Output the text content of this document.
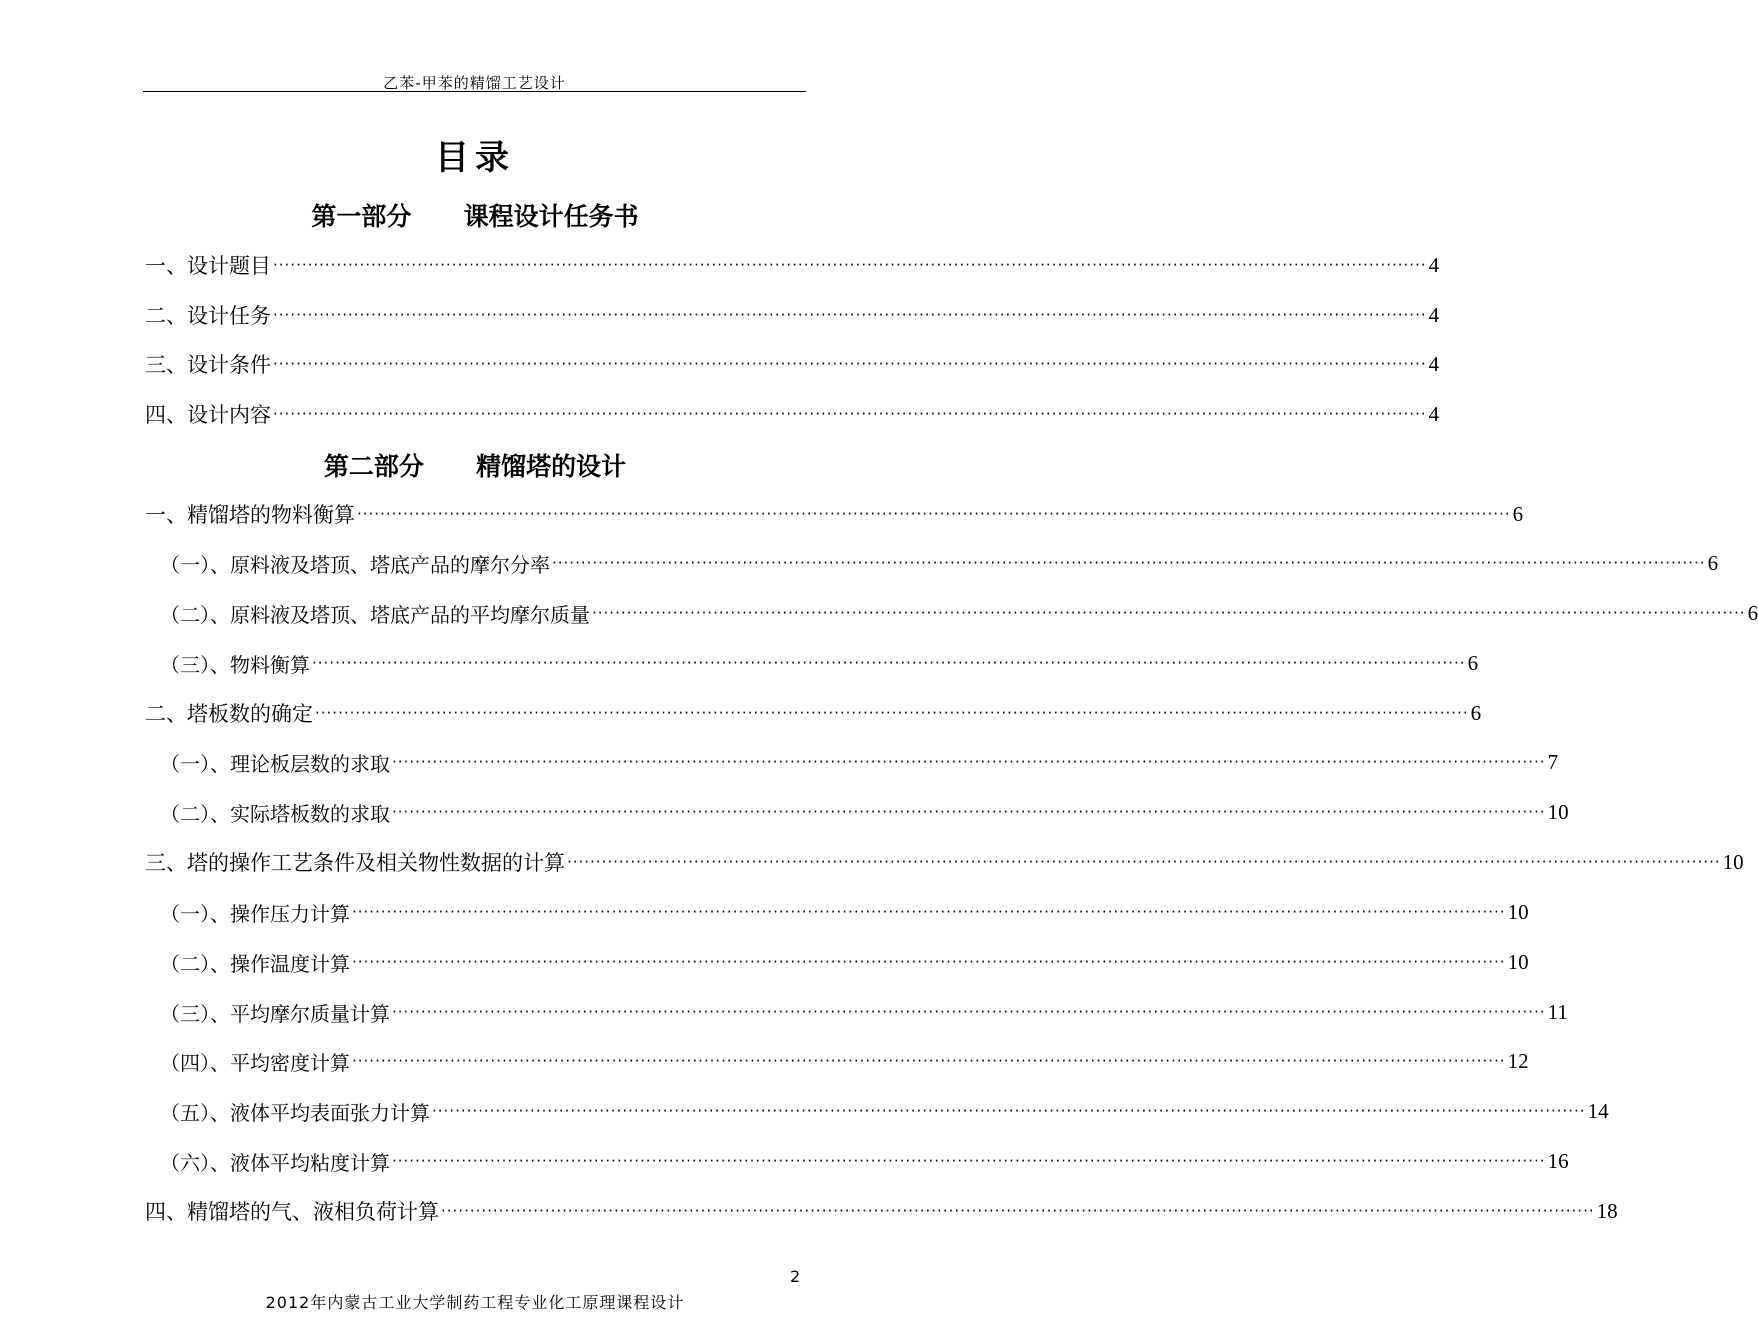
乙苯-甲苯的精馏工艺设计
目录
第一部分      课程设计任务书
一、设计题目 ········································································································································································································ 4
二、设计任务 ········································································································································································································ 4
三、设计条件 ········································································································································································································ 4
四、设计内容 ········································································································································································································ 4
第二部分      精馏塔的设计
一、精馏塔的物料衡算 ········································································································································································································ 6
（一）、原料液及塔顶、塔底产品的摩尔分率 ········································································································································································································ 6
（二）、原料液及塔顶、塔底产品的平均摩尔质量 ········································································································································································································ 6
（三）、物料衡算 ········································································································································································································ 6
二、塔板数的确定 ········································································································································································································ 6
（一）、理论板层数的求取 ········································································································································································································ 7
（二）、实际塔板数的求取 ········································································································································································································ 10
三、塔的操作工艺条件及相关物性数据的计算 ········································································································································································································ 10
（一）、操作压力计算 ········································································································································································································ 10
（二）、操作温度计算 ········································································································································································································ 10
（三）、平均摩尔质量计算 ········································································································································································································ 11
（四）、平均密度计算 ········································································································································································································ 12
（五）、液体平均表面张力计算 ········································································································································································································ 14
（六）、液体平均粘度计算 ········································································································································································································ 16
四、精馏塔的气、液相负荷计算 ········································································································································································································ 18
2
2012年内蒙古工业大学制药工程专业化工原理课程设计
